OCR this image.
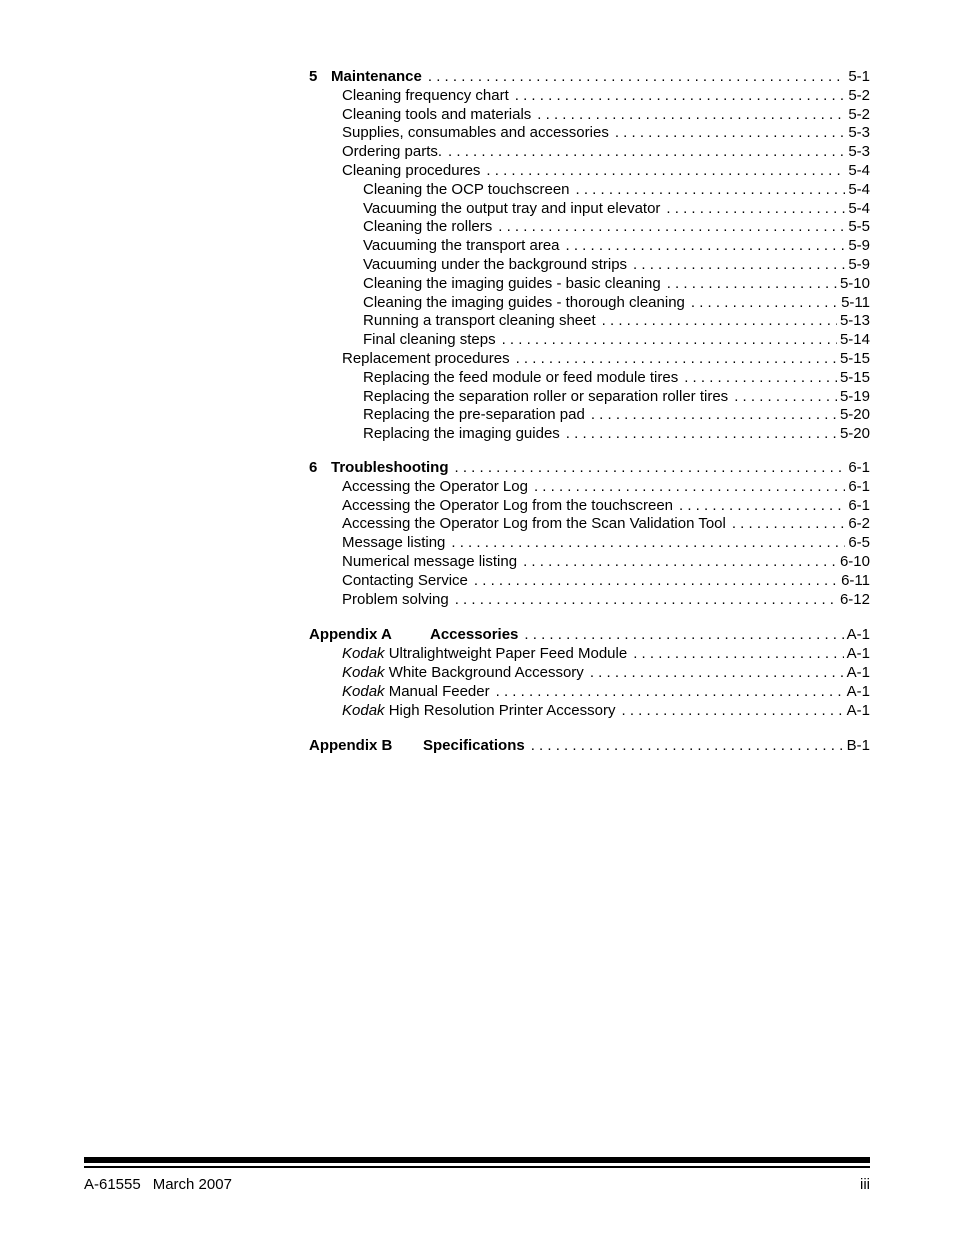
5 Maintenance . . .	5-1
Cleaning frequency chart . . .	5-2
Cleaning tools and materials . . .	5-2
Supplies, consumables and accessories . . .	5-3
Ordering parts. . . .	5-3
Cleaning procedures . . .	5-4
Cleaning the OCP touchscreen . . .	5-4
Vacuuming the output tray and input elevator . . .	5-4
Cleaning the rollers . . .	5-5
Vacuuming the transport area . . .	5-9
Vacuuming under the background strips . . .	5-9
Cleaning the imaging guides - basic cleaning . . .	5-10
Cleaning the imaging guides - thorough cleaning . . .	5-11
Running a transport cleaning sheet . . .	5-13
Final cleaning steps . . .	5-14
Replacement procedures . . .	5-15
Replacing the feed module or feed module tires . . .	5-15
Replacing the separation roller or separation roller tires . . .	5-19
Replacing the pre-separation pad . . .	5-20
Replacing the imaging guides . . .	5-20
6 Troubleshooting . . .	6-1
Accessing the Operator Log . . .	6-1
Accessing the Operator Log from the touchscreen . . .	6-1
Accessing the Operator Log from the Scan Validation Tool . . .	6-2
Message listing . . .	6-5
Numerical message listing . . .	6-10
Contacting Service . . .	6-11
Problem solving . . .	6-12
Appendix A	Accessories . . .	A-1
Kodak Ultralightweight Paper Feed Module . . .	A-1
Kodak White Background Accessory . . .	A-1
Kodak Manual Feeder . . .	A-1
Kodak High Resolution Printer Accessory . . .	A-1
Appendix B	Specifications . . .	B-1
A-61555 March 2007	iii
